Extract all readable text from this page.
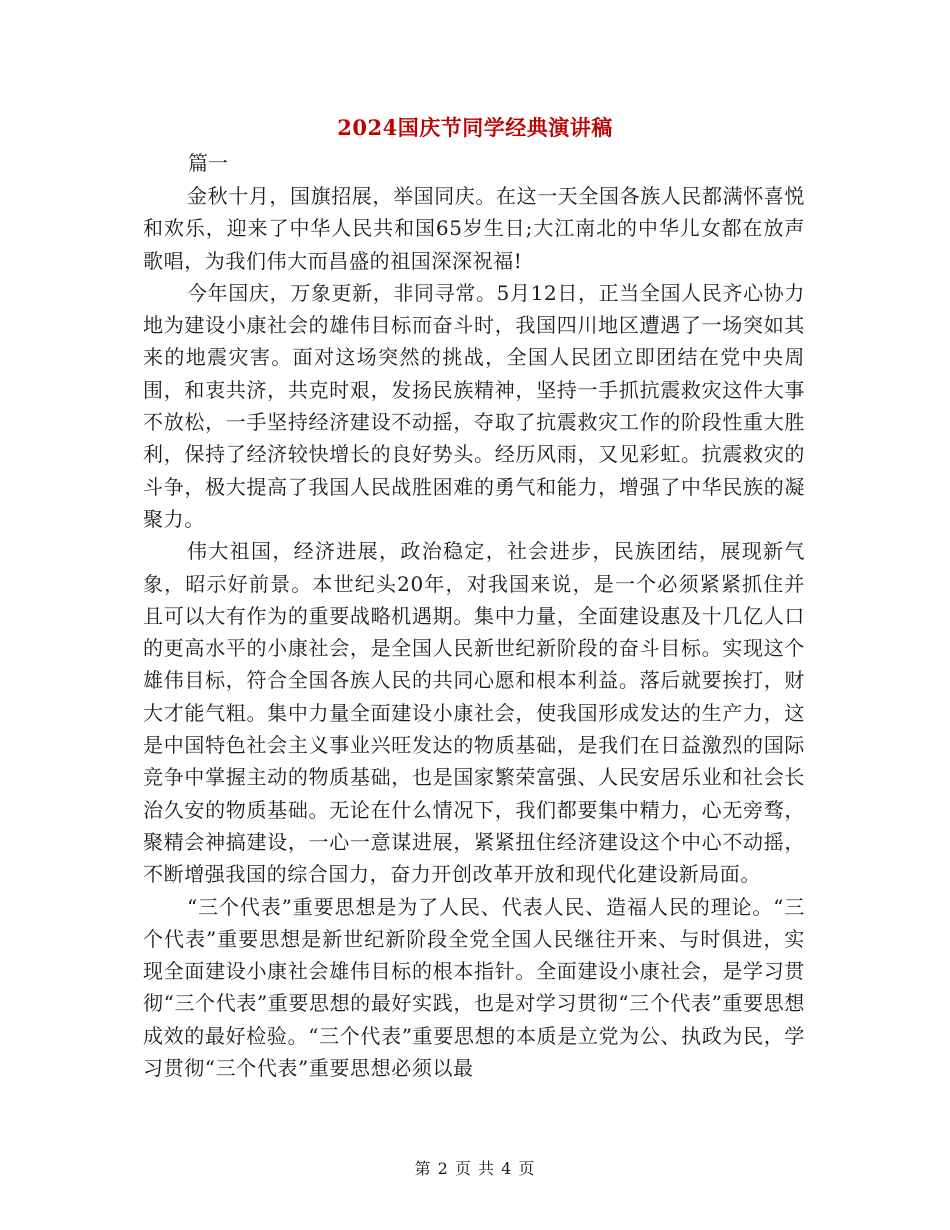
2024国庆节同学经典演讲稿
篇一

金秋十月，国旗招展，举国同庆。在这一天全国各族人民都满怀喜悦和欢乐，迎来了中华人民共和国65岁生日;大江南北的中华儿女都在放声歌唱，为我们伟大而昌盛的祖国深深祝福!

今年国庆，万象更新，非同寻常。5月12日，正当全国人民齐心协力地为建设小康社会的雄伟目标而奋斗时，我国四川地区遭遇了一场突如其来的地震灾害。面对这场突然的挑战，全国人民团立即团结在党中央周围，和衷共济，共克时艰，发扬民族精神，坚持一手抓抗震救灾这件大事不放松，一手坚持经济建设不动摇，夺取了抗震救灾工作的阶段性重大胜利，保持了经济较快增长的良好势头。经历风雨，又见彩虹。抗震救灾的斗争，极大提高了我国人民战胜困难的勇气和能力，增强了中华民族的凝聚力。

伟大祖国，经济进展，政治稳定，社会进步，民族团结，展现新气象，昭示好前景。本世纪头20年，对我国来说，是一个必须紧紧抓住并且可以大有作为的重要战略机遇期。集中力量，全面建设惠及十几亿人口的更高水平的小康社会，是全国人民新世纪新阶段的奋斗目标。实现这个雄伟目标，符合全国各族人民的共同心愿和根本利益。落后就要挨打，财大才能气粗。集中力量全面建设小康社会，使我国形成发达的生产力，这是中国特色社会主义事业兴旺发达的物质基础，是我们在日益激烈的国际竞争中掌握主动的物质基础，也是国家繁荣富强、人民安居乐业和社会长治久安的物质基础。无论在什么情况下，我们都要集中精力，心无旁骛，聚精会神搞建设，一心一意谋进展，紧紧扭住经济建设这个中心不动摇，不断增强我国的综合国力，奋力开创改革开放和现代化建设新局面。

“三个代表”重要思想是为了人民、代表人民、造福人民的理论。“三个代表”重要思想是新世纪新阶段全党全国人民继往开来、与时俱进，实现全面建设小康社会雄伟目标的根本指针。全面建设小康社会，是学习贯彻“三个代表”重要思想的最好实践，也是对学习贯彻“三个代表”重要思想成效的最好检验。“三个代表”重要思想的本质是立党为公、执政为民，学习贯彻“三个代表”重要思想必须以最

第 2 页 共 4 页
